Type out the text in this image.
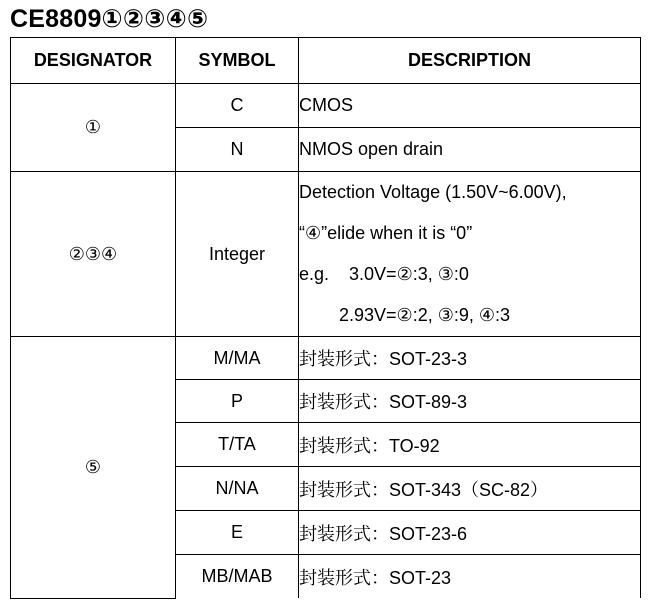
CE8809①②③④⑤
DESIGNATOR	SYMBOL	DESCRIPTION
①	C	CMOS
	N	NMOS open drain
②③④	Integer	Detection Voltage (1.50V~6.00V),
“④”elide when it is “0”
e.g.    3.0V=②:3, ③:0
2.93V=②:2, ③:9, ④:3

⑤	M/MA	封装形式：SOT-23-3
	P	封装形式：SOT-89-3
	T/TA	封装形式：TO-92
	N/NA	封装形式：SOT-343（SC-82）
	E	封装形式：SOT-23-6
	MB/MAB	封装形式：SOT-23
